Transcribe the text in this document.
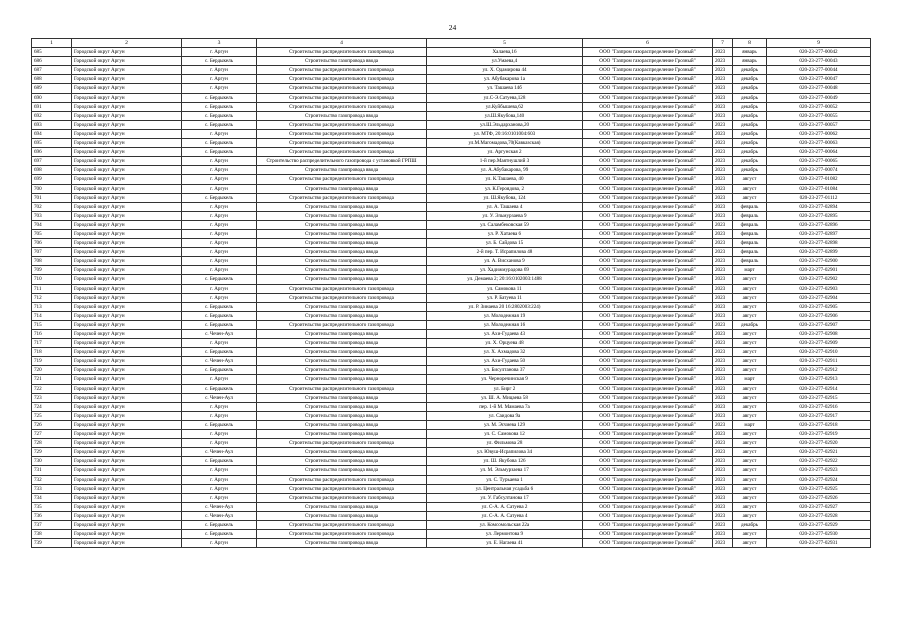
24
1	2	3	4	5	6	7	8	9
685	Городской округ Аргун	г. Аргун	Строительство распределительного газопровода	Халаева,16	ООО "Газпром газораспределение Грозный"	2023	январь	020-23-277-00042
686	Городской округ Аргун	с. Бердыкель	Строительство газопровода ввода	ул.Умаева,4	ООО "Газпром газораспределение Грозный"	2023	январь	020-23-277-00043
687	Городской округ Аргун	г. Аргун	Строительство распределительного газопровода	ул. Х. Одамирова 44	ООО "Газпром газораспределение Грозный"	2023	декабрь	020-23-277-00044
688	Городской округ Аргун	г. Аргун	Строительство распределительного газопровода	ул. Абубакарова 1а	ООО "Газпром газораспределение Грозный"	2023	декабрь	020-23-277-00047
689	Городской округ Аргун	г. Аргун	Строительство распределительного газопровода	ул. Ташаева 14б	ООО "Газпром газораспределение Грозный"	2023	декабрь	020-23-277-00048
690	Городской округ Аргун	с. Бердыкель	Строительство распределительного газопровода	ул.С-Э.Сатуева,128	ООО "Газпром газораспределение Грозный"	2023	декабрь	020-23-277-00049
691	Городской округ Аргун	с. Бердыкель	Строительство распределительного газопровода	ул.Куйбышева,62	ООО "Газпром газораспределение Грозный"	2023	декабрь	020-23-277-00052
692	Городской округ Аргун	с. Бердыкель	Строительство газопровода ввода	ул.Ш.Якубова,140	ООО "Газпром газораспределение Грозный"	2023	декабрь	020-23-277-00055
693	Городской округ Аргун	с. Бердыкель	Строительство распределительного газопровода	ул.Ш.Эльдарханова,20	ООО "Газпром газораспределение Грозный"	2023	декабрь	020-23-277-00057
694	Городской округ Аргун	г. Аргун	Строительство распределительного газопровода	ул. МТФ, 20:16:0101004:603	ООО "Газпром газораспределение Грозный"	2023	декабрь	020-23-277-00062
695	Городской округ Аргун	с. Бердыкель	Строительство распределительного газопровода	ул.М.Магомадова,70(Кавказская)	ООО "Газпром газораспределение Грозный"	2023	декабрь	020-23-277-00063
696	Городской округ Аргун	с. Бердыкель	Строительство распределительного газопровода	ул. Аргунская 2	ООО "Газпром газораспределение Грозный"	2023	декабрь	020-23-277-00064
697	Городской округ Аргун	г. Аргун	Строительство распределительного газопровода с установкой ГРПШ	1-й пер.Маятнушлий 3	ООО "Газпром газораспределение Грозный"	2023	декабрь	020-23-277-00065
698	Городской округ Аргун	г. Аргун	Строительство газопровода ввода	ул. А.Абубакарова, 99	ООО "Газпром газораспределение Грозный"	2023	декабрь	020-23-277-00074
699	Городской округ Аргун	г. Аргун	Строительство распределительного газопровода	ул. К.Ташаева, 40	ООО "Газпром газораспределение Грозный"	2023	август	020-23-277-01082
700	Городской округ Аргун	г. Аргун	Строительство газопровода ввода	ул. К.Героядова, 2	ООО "Газпром газораспределение Грозный"	2023	август	020-23-277-01084
701	Городской округ Аргун	с. Бердыкель	Строительство распределительного газопровода	ул. Ш.Якубова, 124	ООО "Газпром газораспределение Грозный"	2023	август	020-23-277-01112
702	Городской округ Аргун	г. Аргун	Строительство газопровода ввода	ул. А. Ташаева 4	ООО "Газпром газораспределение Грозный"	2023	февраль	020-23-277-02894
703	Городской округ Аргун	г. Аргун	Строительство газопровода ввода	ул. У. Эльмурзаева 9	ООО "Газпром газораспределение Грозный"	2023	февраль	020-23-277-02895
704	Городской округ Аргун	г. Аргун	Строительство газопровода ввода	ул. Саламбековская 59	ООО "Газпром газораспределение Грозный"	2023	февраль	020-23-277-02896
705	Городской округ Аргун	г. Аргун	Строительство газопровода ввода	ул. Р. Хатаева 6	ООО "Газпром газораспределение Грозный"	2023	февраль	020-23-277-02897
706	Городской округ Аргун	г. Аргун	Строительство газопровода ввода	ул. Б. Сайдова 15	ООО "Газпром газораспределение Грозный"	2023	февраль	020-23-277-02898
707	Городской округ Аргун	г. Аргун	Строительство газопровода ввода	2-й пер. Т. Исрапилова 48	ООО "Газпром газораспределение Грозный"	2023	февраль	020-23-277-02899
708	Городской округ Аргун	г. Аргун	Строительство газопровода ввода	ул. А. Висханова 9	ООО "Газпром газораспределение Грозный"	2023	февраль	020-23-277-02900
709	Городской округ Аргун	г. Аргун	Строительство газопровода ввода	ул. Хадижмурадова 69	ООО "Газпром газораспределение Грозный"	2023	март	020-23-277-02901
710	Городской округ Аргун	с. Бердыкель	Строительство газопровода ввода	ул. Демаева 2; 20:16:0102003:1488	ООО "Газпром газораспределение Грозный"	2023	август	020-23-277-02902
711	Городской округ Аргун	г. Аргун	Строительство распределительного газопровода	ул. Самокова 11	ООО "Газпром газораспределение Грозный"	2023	август	020-23-277-02903
712	Городской округ Аргун	г. Аргун	Строительство распределительного газопровода	ул. Р. Батуева 11	ООО "Газпром газораспределение Грозный"	2023	август	020-23-277-02904
713	Городской округ Аргун	с. Бердыкель	Строительство газопровода ввода	ул. Р. Зинаева 20 16:280200З:224)	ООО "Газпром газораспределение Грозный"	2023	август	020-23-277-02905
714	Городской округ Аргун	с. Бердыкель	Строительство газопровода ввода	ул. Молодежная 19	ООО "Газпром газораспределение Грозный"	2023	август	020-23-277-02906
715	Городской округ Аргун	с. Бердыкель	Строительство распределительного газопровода	ул. Молодежная 16	ООО "Газпром газораспределение Грозный"	2023	декабрь	020-23-277-02907
716	Городской округ Аргун	с. Чечен-Аул	Строительство газопровода ввода	ул. Ахи-Гудаева 43	ООО "Газпром газораспределение Грозный"	2023	август	020-23-277-02908
717	Городской округ Аргун	г. Аргун	Строительство газопровода ввода	ул. Х. Орцуева 48	ООО "Газпром газораспределение Грозный"	2023	август	020-23-277-02909
718	Городской округ Аргун	с. Бердыкель	Строительство газопровода ввода	ул. Х. Ахмадова 32	ООО "Газпром газораспределение Грозный"	2023	август	020-23-277-02910
719	Городской округ Аргун	с. Чечен-Аул	Строительство газопровода ввода	ул. Ахи-Гудаева 50	ООО "Газпром газораспределение Грозный"	2023	август	020-23-277-02911
720	Городской округ Аргун	с. Бердыкель	Строительство газопровода ввода	ул. Бисултанова 37	ООО "Газпром газораспределение Грозный"	2023	август	020-23-277-02912
721	Городской округ Аргун	г. Аргун	Строительство газопровода ввода	ул. Черноречинская 9	ООО "Газпром газораспределение Грозный"	2023	март	020-23-277-02913
722	Городской округ Аргун	с. Бердыкель	Строительство распределительного газопровода	ул. Бирг 2	ООО "Газпром газораспределение Грозный"	2023	август	020-23-277-02914
723	Городской округ Аргун	с. Чечен-Аул	Строительство газопровода ввода	ул. Ш. А. Мицаева 58	ООО "Газпром газораспределение Грозный"	2023	август	020-23-277-02915
724	Городской округ Аргун	г. Аргун	Строительство газопровода ввода	пер. 1-й М. Мамаева 7а	ООО "Газпром газораспределение Грозный"	2023	август	020-23-277-02916
725	Городской округ Аргун	г. Аргун	Строительство газопровода ввода	ул. Саидова 9а	ООО "Газпром газораспределение Грозный"	2023	август	020-23-277-02917
726	Городской округ Аргун	с. Бердыкель	Строительство газопровода ввода	ул. М. Эсчиева 129	ООО "Газпром газораспределение Грозный"	2023	март	020-23-277-02918
727	Городской округ Аргун	г. Аргун	Строительство газопровода ввода	ул. С. Самокова 12	ООО "Газпром газораспределение Грозный"	2023	август	020-23-277-02919
728	Городской округ Аргун	г. Аргун	Строительство распределительного газопровода	ул. Фильмова 28	ООО "Газпром газораспределение Грозный"	2023	август	020-23-277-02920
729	Городской округ Аргун	с. Чечен-Аул	Строительство газопровода ввода	ул. Ювуш-Исрапилова 34	ООО "Газпром газораспределение Грозный"	2023	август	020-23-277-02921
730	Городской округ Аргун	с. Бердыкель	Строительство газопровода ввода	ул. Ш. Якубова 126	ООО "Газпром газораспределение Грозный"	2023	август	020-23-277-02922
731	Городской округ Аргун	г. Аргун	Строительство газопровода ввода	ул. М. Эльмурзаева 17	ООО "Газпром газораспределение Грозный"	2023	август	020-23-277-02923
732	Городской округ Аргун	г. Аргун	Строительство распределительного газопровода	ул. С. Турьаева 1	ООО "Газпром газораспределение Грозный"	2023	август	020-23-277-02924
733	Городской округ Аргун	г. Аргун	Строительство распределительного газопровода	ул. Центральная усадьба 6	ООО "Газпром газораспределение Грозный"	2023	август	020-23-277-02925
734	Городской округ Аргун	г. Аргун	Строительство распределительного газопровода	ул. У. Габсултанова 17	ООО "Газпром газораспределение Грозный"	2023	август	020-23-277-02926
735	Городской округ Аргун	с. Чечен-Аул	Строительство газопровода ввода	ул. С-А. А. Сатуева 2	ООО "Газпром газораспределение Грозный"	2023	август	020-23-277-02927
736	Городской округ Аргун	с. Чечен-Аул	Строительство газопровода ввода	ул. С-А. А. Сатуева 4	ООО "Газпром газораспределение Грозный"	2023	август	020-23-277-02928
737	Городской округ Аргун	с. Бердыкель	Строительство распределительного газопровода	ул. Комсомольская 22а	ООО "Газпром газораспределение Грозный"	2023	декабрь	020-23-277-02929
738	Городской округ Аргун	с. Бердыкель	Строительство распределительного газопровода	ул. Лермонтова 9	ООО "Газпром газораспределение Грозный"	2023	август	020-23-277-02930
739	Городской округ Аргун	г. Аргун	Строительство газопровода ввода	ул. Е. Нагаева 41	ООО "Газпром газораспределение Грозный"	2023	август	020-23-277-02931
